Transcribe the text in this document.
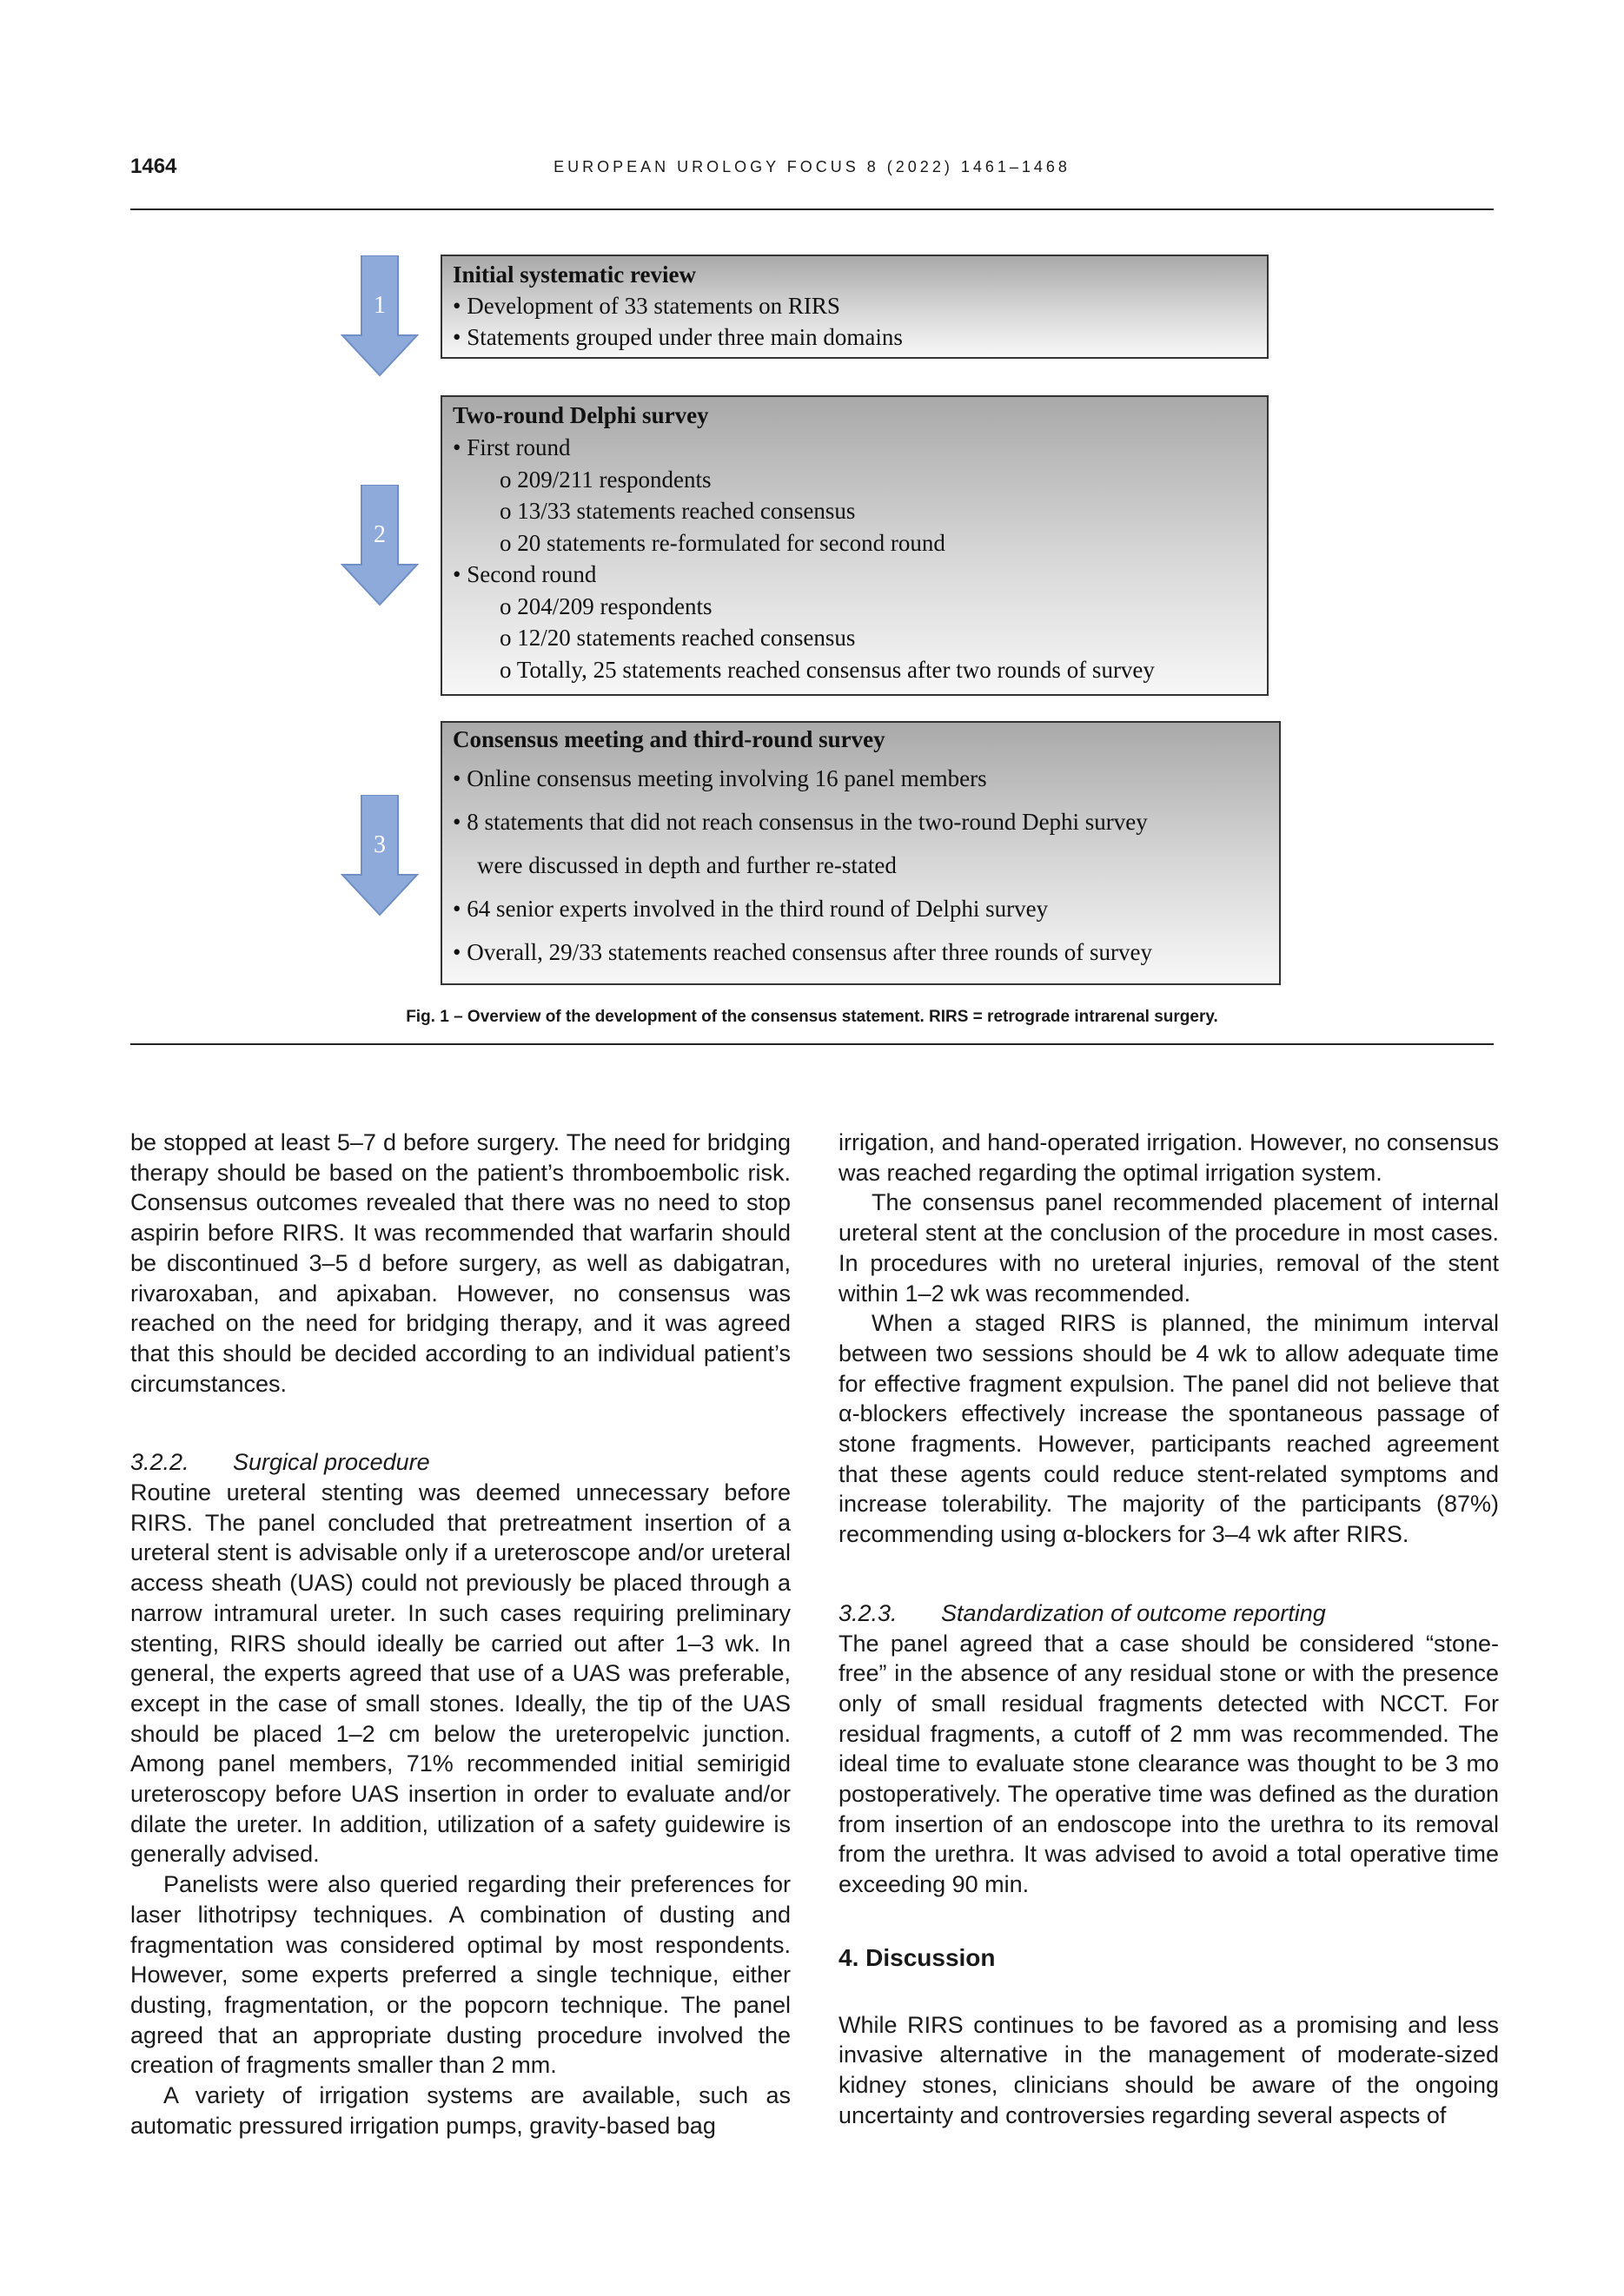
1464	EUROPEAN UROLOGY FOCUS 8 (2022) 1461–1468
1
2
3
Initial systematic review
• Development of 33 statements on RIRS
• Statements grouped under three main domains
Two-round Delphi survey
• First round
o 209/211 respondents
o 13/33 statements reached consensus
o 20 statements re-formulated for second round
• Second round
o 204/209 respondents
o 12/20 statements reached consensus
o Totally, 25 statements reached consensus after two rounds of survey
Consensus meeting and third-round survey
• Online consensus meeting involving 16 panel members
• 8 statements that did not reach consensus in the two-round Dephi survey
were discussed in depth and further re-stated
• 64 senior experts involved in the third round of Delphi survey
• Overall, 29/33 statements reached consensus after three rounds of survey
Fig. 1 – Overview of the development of the consensus statement. RIRS = retrograde intrarenal surgery.

be stopped at least 5–7 d before surgery. The need for bridging therapy should be based on the patient’s thromboembolic risk. Consensus outcomes revealed that there was no need to stop aspirin before RIRS. It was recommended that warfarin should be discontinued 3–5 d before surgery, as well as dabigatran, rivaroxaban, and apixaban. However, no consensus was reached on the need for bridging therapy, and it was agreed that this should be decided according to an individual patient’s circumstances.

3.2.2. Surgical procedure

Routine ureteral stenting was deemed unnecessary before RIRS. The panel concluded that pretreatment insertion of a ureteral stent is advisable only if a ureteroscope and/or ureteral access sheath (UAS) could not previously be placed through a narrow intramural ureter. In such cases requiring preliminary stenting, RIRS should ideally be carried out after 1–3 wk. In general, the experts agreed that use of a UAS was preferable, except in the case of small stones. Ideally, the tip of the UAS should be placed 1–2 cm below the ureteropelvic junction. Among panel members, 71% recommended initial semirigid ureteroscopy before UAS insertion in order to evaluate and/or dilate the ureter. In addition, utilization of a safety guidewire is generally advised.

Panelists were also queried regarding their preferences for laser lithotripsy techniques. A combination of dusting and fragmentation was considered optimal by most respondents. However, some experts preferred a single technique, either dusting, fragmentation, or the popcorn technique. The panel agreed that an appropriate dusting procedure involved the creation of fragments smaller than 2 mm.

A variety of irrigation systems are available, such as automatic pressured irrigation pumps, gravity-based bag

irrigation, and hand-operated irrigation. However, no consensus was reached regarding the optimal irrigation system.

The consensus panel recommended placement of internal ureteral stent at the conclusion of the procedure in most cases. In procedures with no ureteral injuries, removal of the stent within 1–2 wk was recommended.

When a staged RIRS is planned, the minimum interval between two sessions should be 4 wk to allow adequate time for effective fragment expulsion. The panel did not believe that α-blockers effectively increase the spontaneous passage of stone fragments. However, participants reached agreement that these agents could reduce stent-related symptoms and increase tolerability. The majority of the participants (87%) recommending using α-blockers for 3–4 wk after RIRS.

3.2.3. Standardization of outcome reporting

The panel agreed that a case should be considered “stone-free” in the absence of any residual stone or with the presence only of small residual fragments detected with NCCT. For residual fragments, a cutoff of 2 mm was recommended. The ideal time to evaluate stone clearance was thought to be 3 mo postoperatively. The operative time was defined as the duration from insertion of an endoscope into the urethra to its removal from the urethra. It was advised to avoid a total operative time exceeding 90 min.

4. Discussion

While RIRS continues to be favored as a promising and less invasive alternative in the management of moderate-sized kidney stones, clinicians should be aware of the ongoing uncertainty and controversies regarding several aspects of
